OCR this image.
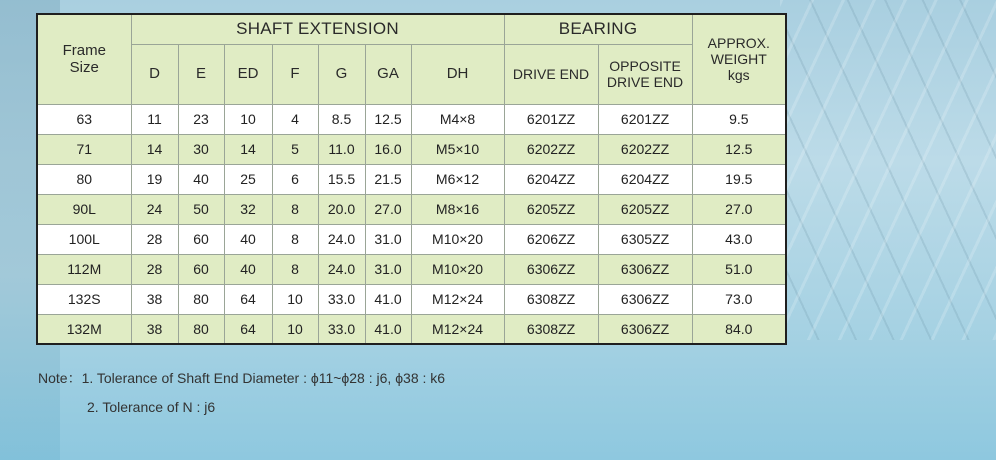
Frame Size	SHAFT EXTENSION							BEARING		APPROX. WEIGHT kgs
	D	E	ED	F	G	GA	DH	DRIVE END	OPPOSITE DRIVE END	
63	11	23	10	4	8.5	12.5	M4×8	6201ZZ	6201ZZ	9.5
71	14	30	14	5	11.0	16.0	M5×10	6202ZZ	6202ZZ	12.5
80	19	40	25	6	15.5	21.5	M6×12	6204ZZ	6204ZZ	19.5
90L	24	50	32	8	20.0	27.0	M8×16	6205ZZ	6205ZZ	27.0
100L	28	60	40	8	24.0	31.0	M10×20	6206ZZ	6305ZZ	43.0
112M	28	60	40	8	24.0	31.0	M10×20	6306ZZ	6306ZZ	51.0
132S	38	80	64	10	33.0	41.0	M12×24	6308ZZ	6306ZZ	73.0
132M	38	80	64	10	33.0	41.0	M12×24	6308ZZ	6306ZZ	84.0
Note：1. Tolerance of Shaft End Diameter : ϕ11~ϕ28 : j6, ϕ38 : k6
2. Tolerance of N : j6
